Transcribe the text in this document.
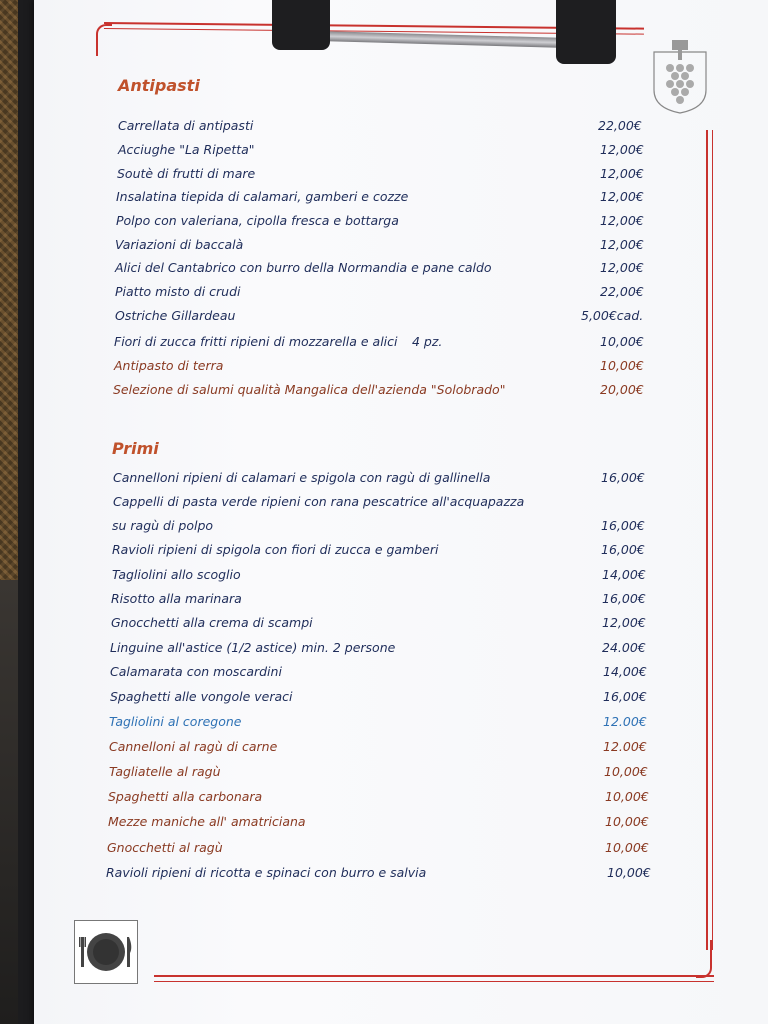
Antipasti
Carrellata di antipasti	22,00€
Acciughe "La Ripetta"	12,00€
Soutè di frutti di mare	12,00€
Insalatina tiepida di calamari, gamberi e cozze	12,00€
Polpo con valeriana, cipolla fresca e bottarga	12,00€
Variazioni di baccalà	12,00€
Alici del Cantabrico con burro della Normandia e pane caldo	12,00€
Piatto misto di crudi	22,00€
Ostriche Gillardeau	5,00€cad.
Fiori di zucca fritti ripieni di mozzarella e alici 4 pz.	10,00€
Antipasto di terra	10,00€
Selezione di salumi qualità Mangalica dell'azienda "Solobrado"	20,00€
Primi
Cannelloni ripieni di calamari e spigola con ragù di gallinella	16,00€
Cappelli di pasta verde ripieni con rana pescatrice all'acquapazza
su ragù di polpo	16,00€
Ravioli ripieni di spigola con fiori di zucca e gamberi	16,00€
Tagliolini allo scoglio	14,00€
Risotto alla marinara	16,00€
Gnocchetti alla crema di scampi	12,00€
Linguine all'astice (1/2 astice) min. 2 persone	24.00€
Calamarata con moscardini	14,00€
Spaghetti alle vongole veraci	16,00€
Tagliolini al coregone	12.00€
Cannelloni al ragù di carne	12.00€
Tagliatelle al ragù	10,00€
Spaghetti alla carbonara	10,00€
Mezze maniche all' amatriciana	10,00€
Gnocchetti al ragù	10,00€
Ravioli ripieni di ricotta e spinaci con burro e salvia	10,00€
